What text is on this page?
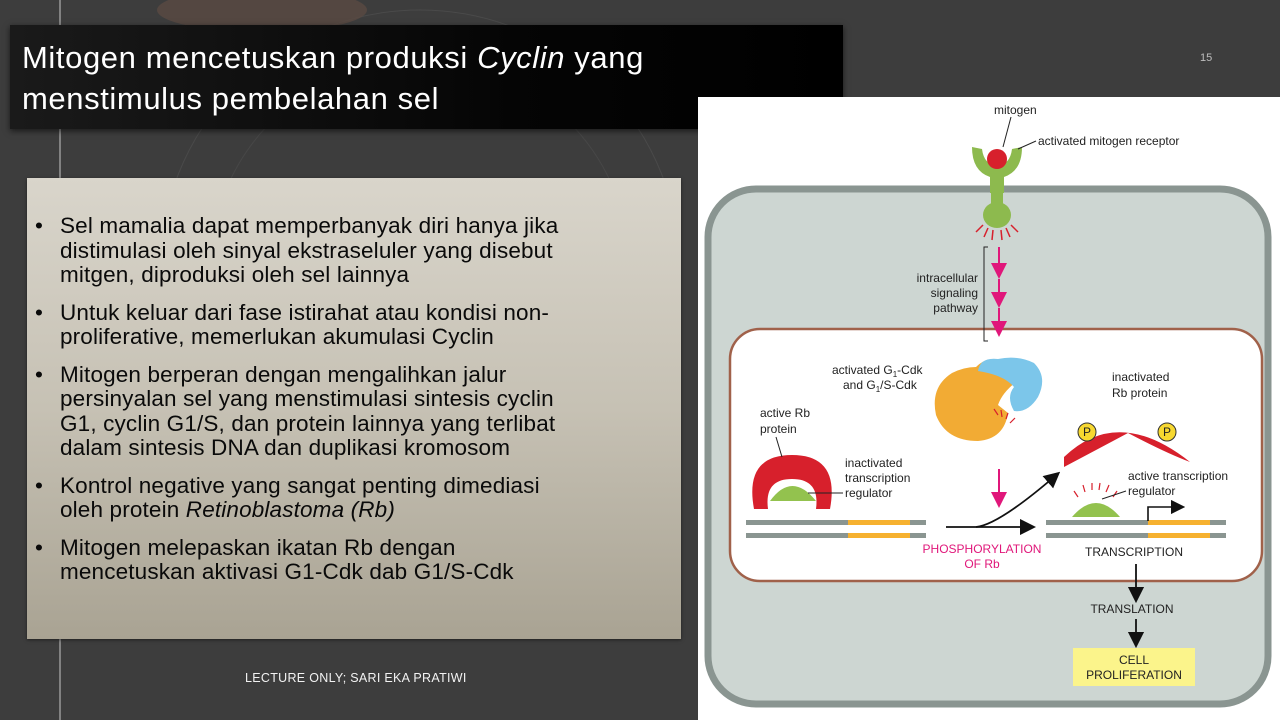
Mitogen mencetuskan produksi Cyclin yang
menstimulus pembelahan sel
15
• Sel mamalia dapat memperbanyak diri hanya jika
distimulasi oleh sinyal ekstraseluler yang disebut
mitgen, diproduksi oleh sel lainnya
• Untuk keluar dari fase istirahat atau kondisi non-
proliferative, memerlukan akumulasi Cyclin
• Mitogen berperan dengan mengalihkan jalur
persinyalan sel yang menstimulasi sintesis cyclin
G1, cyclin G1/S, dan protein lainnya yang terlibat
dalam sintesis DNA dan duplikasi kromosom
• Kontrol negative yang sangat penting dimediasi
oleh protein Retinoblastoma (Rb)
• Mitogen melepaskan ikatan Rb dengan
mencetuskan aktivasi G1-Cdk dab G1/S-Cdk
LECTURE ONLY; SARI EKA PRATIWI
mitogen
activated mitogen receptor
intracellular
signaling
pathway
activated $G_1$-Cdk
and $G_1/S$-Cdk
active Rb
protein
inactivated
transcription
regulator
PHOSPHORYLATION
OF Rb
P	P
inactivated
Rb protein
active transcription
regulator
TRANSCRIPTION
TRANSLATION
CELL
PROLIFERATION
